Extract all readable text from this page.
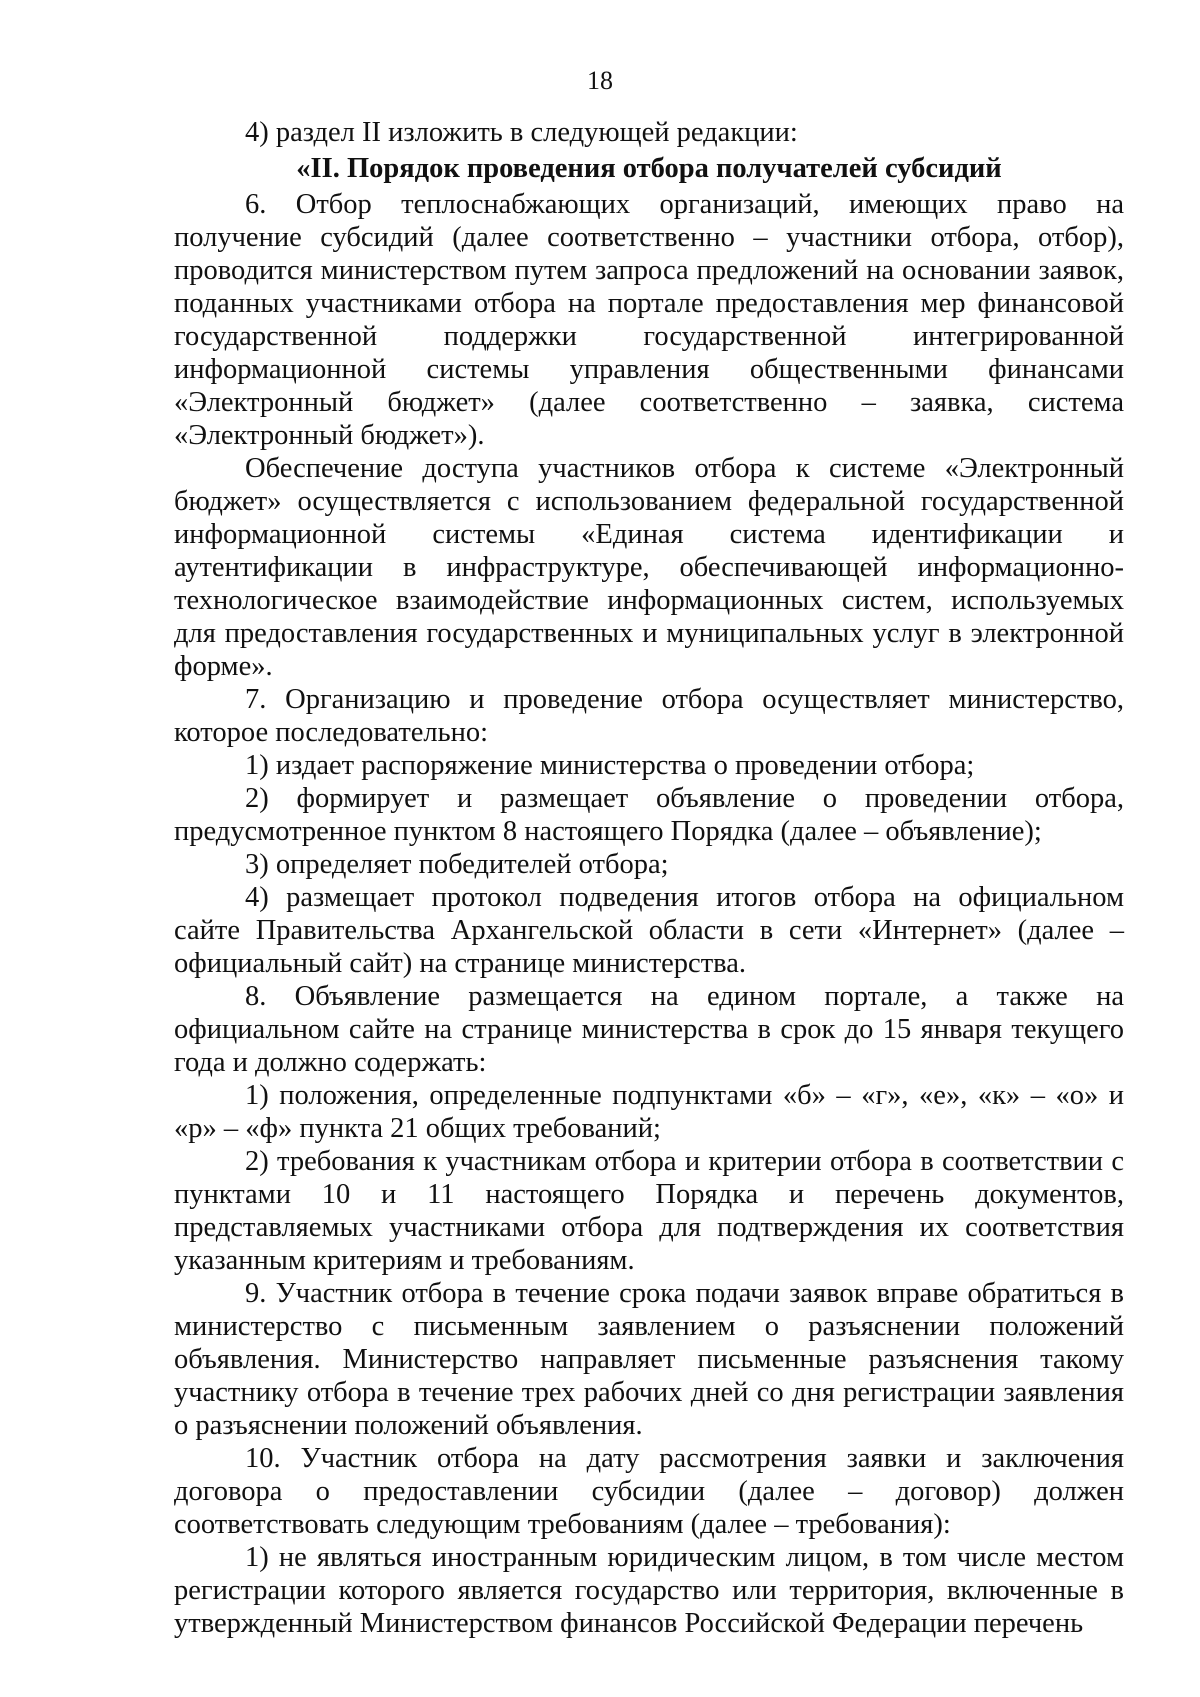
18

4) раздел II изложить в следующей редакции:

«II. Порядок проведения отбора получателей субсидий

6. Отбор теплоснабжающих организаций, имеющих право на получение субсидий (далее соответственно – участники отбора, отбор), проводится министерством путем запроса предложений на основании заявок, поданных участниками отбора на портале предоставления мер финансовой государственной поддержки государственной интегрированной информационной системы управления общественными финансами «Электронный бюджет» (далее соответственно – заявка, система «Электронный бюджет»).

Обеспечение доступа участников отбора к системе «Электронный бюджет» осуществляется с использованием федеральной государственной информационной системы «Единая система идентификации и аутентификации в инфраструктуре, обеспечивающей информационно-технологическое взаимодействие информационных систем, используемых для предоставления государственных и муниципальных услуг в электронной форме».

7. Организацию и проведение отбора осуществляет министерство, которое последовательно:

1) издает распоряжение министерства о проведении отбора;

2) формирует и размещает объявление о проведении отбора, предусмотренное пунктом 8 настоящего Порядка (далее – объявление);

3) определяет победителей отбора;

4) размещает протокол подведения итогов отбора на официальном сайте Правительства Архангельской области в сети «Интернет» (далее – официальный сайт) на странице министерства.

8. Объявление размещается на едином портале, а также на официальном сайте на странице министерства в срок до 15 января текущего года и должно содержать:

1) положения, определенные подпунктами «б» – «г», «е», «к» – «о» и «р» – «ф» пункта 21 общих требований;

2) требования к участникам отбора и критерии отбора в соответствии с пунктами 10 и 11 настоящего Порядка и перечень документов, представляемых участниками отбора для подтверждения их соответствия указанным критериям и требованиям.

9. Участник отбора в течение срока подачи заявок вправе обратиться в министерство с письменным заявлением о разъяснении положений объявления. Министерство направляет письменные разъяснения такому участнику отбора в течение трех рабочих дней со дня регистрации заявления о разъяснении положений объявления.

10. Участник отбора на дату рассмотрения заявки и заключения договора о предоставлении субсидии (далее – договор) должен соответствовать следующим требованиям (далее – требования):

1) не являться иностранным юридическим лицом, в том числе местом регистрации которого является государство или территория, включенные в утвержденный Министерством финансов Российской Федерации перечень
